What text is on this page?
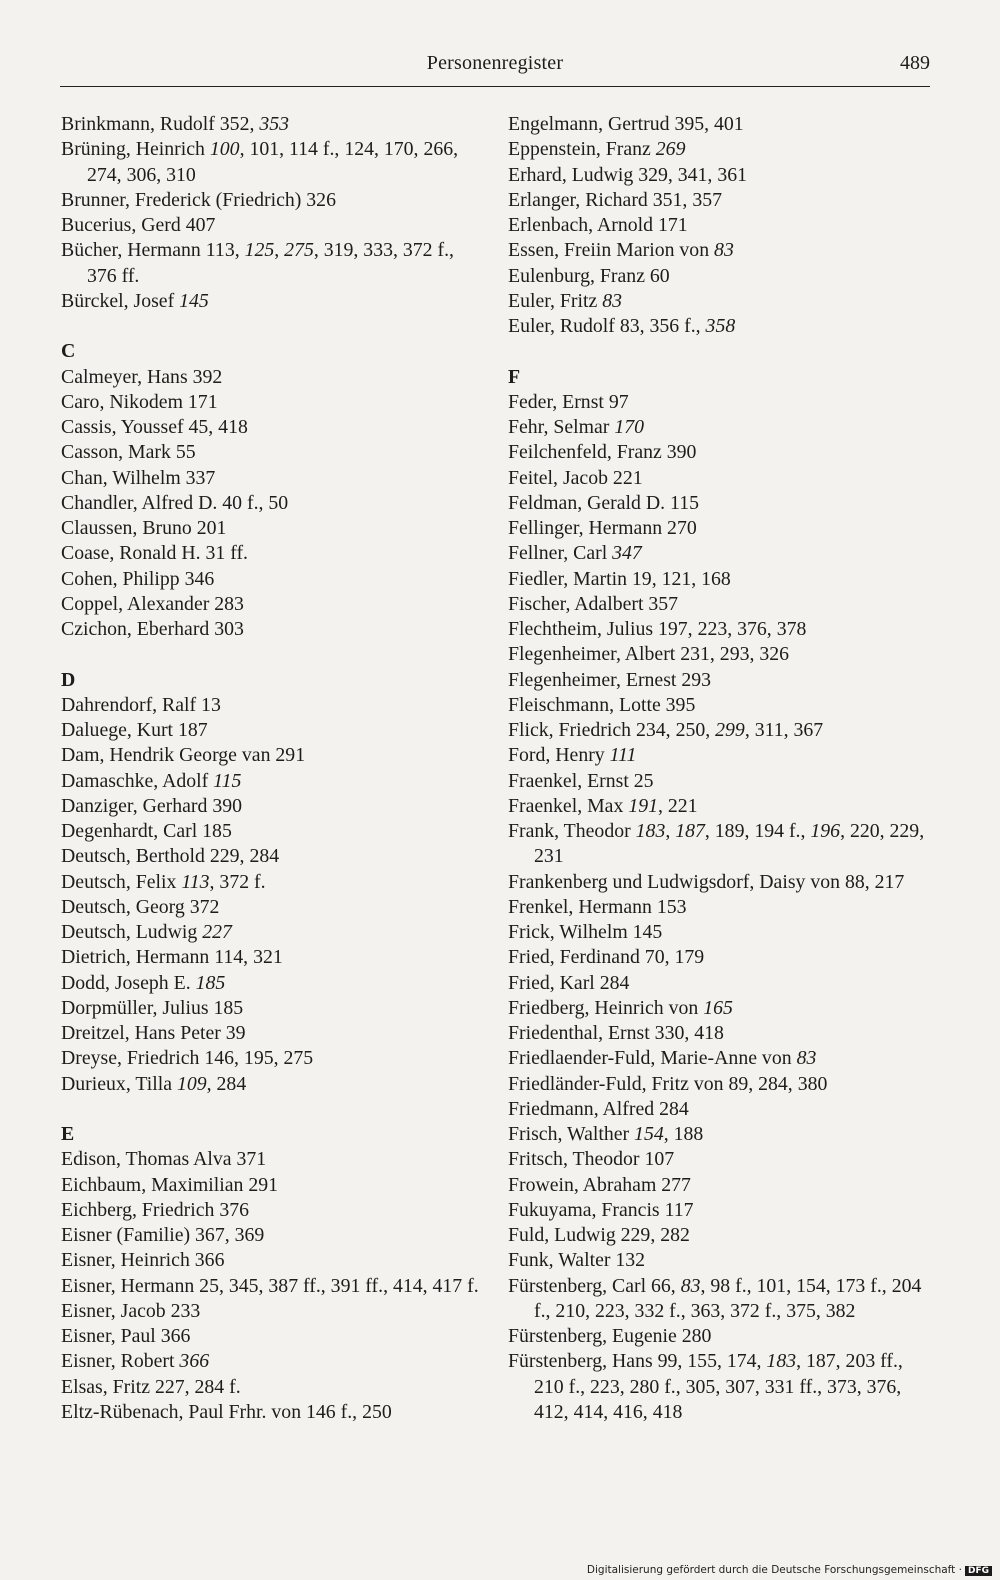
Personenregister	489

Brinkmann, Rudolf 352, 353

Brüning, Heinrich 100, 101, 114 f., 124, 170, 266, 274, 306, 310

Brunner, Frederick (Friedrich) 326

Bucerius, Gerd 407

Bücher, Hermann 113, 125, 275, 319, 333, 372 f., 376 ff.

Bürckel, Josef 145

C

Calmeyer, Hans 392

Caro, Nikodem 171

Cassis, Youssef 45, 418

Casson, Mark 55

Chan, Wilhelm 337

Chandler, Alfred D. 40 f., 50

Claussen, Bruno 201

Coase, Ronald H. 31 ff.

Cohen, Philipp 346

Coppel, Alexander 283

Czichon, Eberhard 303

D

Dahrendorf, Ralf 13

Daluege, Kurt 187

Dam, Hendrik George van 291

Damaschke, Adolf 115

Danziger, Gerhard 390

Degenhardt, Carl 185

Deutsch, Berthold 229, 284

Deutsch, Felix 113, 372 f.

Deutsch, Georg 372

Deutsch, Ludwig 227

Dietrich, Hermann 114, 321

Dodd, Joseph E. 185

Dorpmüller, Julius 185

Dreitzel, Hans Peter 39

Dreyse, Friedrich 146, 195, 275

Durieux, Tilla 109, 284

E

Edison, Thomas Alva 371

Eichbaum, Maximilian 291

Eichberg, Friedrich 376

Eisner (Familie) 367, 369

Eisner, Heinrich 366

Eisner, Hermann 25, 345, 387 ff., 391 ff., 414, 417 f.

Eisner, Jacob 233

Eisner, Paul 366

Eisner, Robert 366

Elsas, Fritz 227, 284 f.

Eltz-Rübenach, Paul Frhr. von 146 f., 250

Engelmann, Gertrud 395, 401

Eppenstein, Franz 269

Erhard, Ludwig 329, 341, 361

Erlanger, Richard 351, 357

Erlenbach, Arnold 171

Essen, Freiin Marion von 83

Eulenburg, Franz 60

Euler, Fritz 83

Euler, Rudolf 83, 356 f., 358

F

Feder, Ernst 97

Fehr, Selmar 170

Feilchenfeld, Franz 390

Feitel, Jacob 221

Feldman, Gerald D. 115

Fellinger, Hermann 270

Fellner, Carl 347

Fiedler, Martin 19, 121, 168

Fischer, Adalbert 357

Flechtheim, Julius 197, 223, 376, 378

Flegenheimer, Albert 231, 293, 326

Flegenheimer, Ernest 293

Fleischmann, Lotte 395

Flick, Friedrich 234, 250, 299, 311, 367

Ford, Henry 111

Fraenkel, Ernst 25

Fraenkel, Max 191, 221

Frank, Theodor 183, 187, 189, 194 f., 196, 220, 229, 231

Frankenberg und Ludwigsdorf, Daisy von 88, 217

Frenkel, Hermann 153

Frick, Wilhelm 145

Fried, Ferdinand 70, 179

Fried, Karl 284

Friedberg, Heinrich von 165

Friedenthal, Ernst 330, 418

Friedlaender-Fuld, Marie-Anne von 83

Friedländer-Fuld, Fritz von 89, 284, 380

Friedmann, Alfred 284

Frisch, Walther 154, 188

Fritsch, Theodor 107

Frowein, Abraham 277

Fukuyama, Francis 117

Fuld, Ludwig 229, 282

Funk, Walter 132

Fürstenberg, Carl 66, 83, 98 f., 101, 154, 173 f., 204 f., 210, 223, 332 f., 363, 372 f., 375, 382

Fürstenberg, Eugenie 280

Fürstenberg, Hans 99, 155, 174, 183, 187, 203 ff., 210 f., 223, 280 f., 305, 307, 331 ff., 373, 376, 412, 414, 416, 418

Digitalisierung gefördert durch die Deutsche Forschungsgemeinschaft · DFG
